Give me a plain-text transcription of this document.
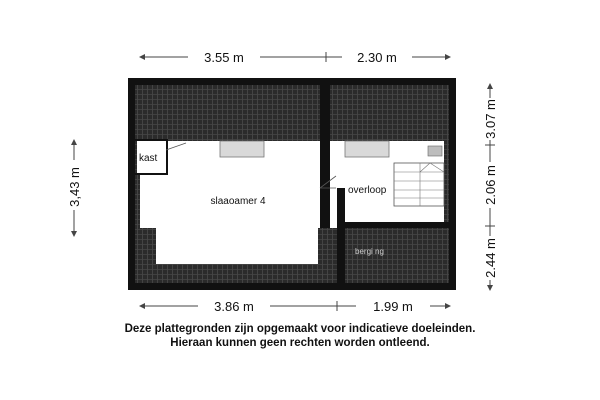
3.55 m	2.30 m
3.86 m	1.99 m
3,43 m
3.07 m
2.06 m
2.44 m
kast
slaaoamer 4
overloop
bergi ng
Deze plattegronden zijn opgemaakt voor indicatieve doeleinden.
Hieraan kunnen geen rechten worden ontleend.
